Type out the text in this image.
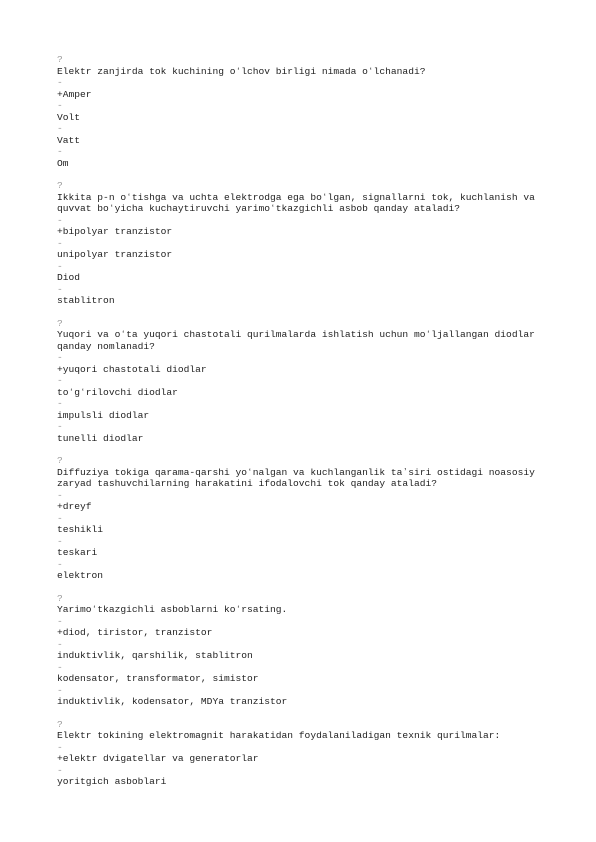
?
Elektr zanjirda tok kuchining oʻlchov birligi nimada oʻlchanadi?
-
+Amper
-
Volt
-
Vatt
-
Om
?
Ikkita p-n oʻtishga va uchta elektrodga ega boʻlgan, signallarni tok, kuchlanish va quvvat boʻyicha kuchaytiruvchi yarimoʻtkazgichli asbob qanday ataladi?
-
+bipolyar tranzistor
-
unipolyar tranzistor
-
Diod
-
stablitron
?
Yuqori va oʻta yuqori chastotali qurilmalarda ishlatish uchun moʻljallangan diodlar qanday nomlanadi?
-
+yuqori chastotali diodlar
-
toʻgʻrilovchi diodlar
-
impulsli diodlar
-
tunelli diodlar
?
Diffuziya tokiga qarama-qarshi yoʻnalgan va kuchlanganlik taʼsiri ostidagi noasosiy zaryad tashuvchilarning harakatini ifodalovchi tok qanday ataladi?
-
+dreyf
-
teshikli
-
teskari
-
elektron
?
Yarimoʻtkazgichli asboblarni koʻrsating.
-
+diod, tiristor, tranzistor
-
induktivlik, qarshilik, stablitron
-
kodensator, transformator, simistor
-
induktivlik, kodensator, MDYa tranzistor
?
Elektr tokining elektromagnit harakatidan foydalaniladigan texnik qurilmalar:
-
+elektr dvigatellar va generatorlar
-
yoritgich asboblari
